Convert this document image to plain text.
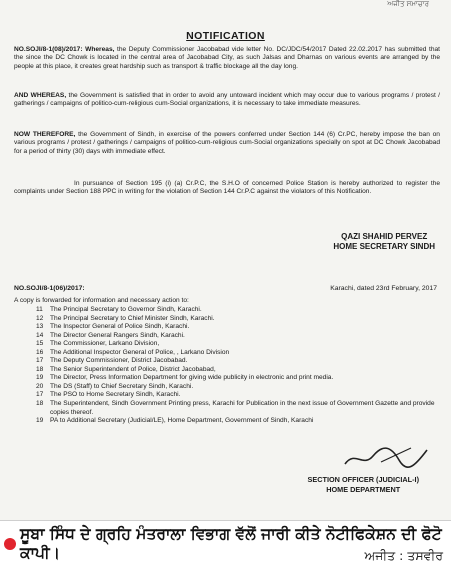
ਅਜੀਤ ਸਮਾਚਾਰ
NOTIFICATION

NO.SOJI/8-1(08)/2017: Whereas, the Deputy Commissioner Jacobabad vide letter No. DC/JDC/54/2017 Dated 22.02.2017 has submitted that the since the DC Chowk is located in the central area of Jacobabad City, as such Jalsas and Dharnas on various events are arranged by the people at this place, it creates great hardship such as transport & traffic blockage all the day long.

AND WHEREAS, the Government is satisfied that in order to avoid any untoward incident which may occur due to various programs / protest / gatherings / campaigns of politico-cum-religious cum-Social organizations, it is necessary to take immediate measures.

NOW THEREFORE, the Government of Sindh, in exercise of the powers conferred under Section 144 (6) Cr.PC, hereby impose the ban on various programs / protest / gatherings / campaigns of politico-cum-religious cum-Social organizations specially on spot at DC Chowk Jacobabad for a period of thirty (30) days with immediate effect.

In pursuance of Section 195 (i) (a) Cr.P.C, the S.H.O of concerned Police Station is hereby authorized to register the complaints under Section 188 PPC in writing for the violation of Section 144 Cr.P.C against the violators of this Notification.

QAZI SHAHID PERVEZ
HOME SECRETARY SINDH
NO.SOJI/8-1(06)/2017:	Karachi, dated 23rd February, 2017
A copy is forwarded for information and necessary action to:
11	The Principal Secretary to Governor Sindh, Karachi.
12	The Principal Secretary to Chief Minister Sindh, Karachi.
13	The Inspector General of Police Sindh, Karachi.
14	The Director General Rangers Sindh, Karachi.
15	The Commissioner, Larkano Division,
16	The Additional Inspector General of Police, , Larkano Division
17	The Deputy Commissioner, District Jacobabad.
18	The Senior Superintendent of Police, District Jacobabad,
19	The Director, Press Information Department for giving wide publicity in electronic and print media.
20	The DS (Staff) to Chief Secretary Sindh, Karachi.
17	The PSO to Home Secretary Sindh, Karachi.
18	The Superintendent, Sindh Government Printing press, Karachi for Publication in the next issue of Government Gazette and provide copies thereof.
19	PA to Additional Secretary (Judicial/LE), Home Department, Government of Sindh, Karachi
SECTION OFFICER (JUDICIAL-I)
HOME DEPARTMENT
ਸੂਬਾ ਸਿੰਧ ਦੇ ਗ੍ਰਹਿ ਮੰਤਰਾਲਾ ਵਿਭਾਗ ਵੱਲੋਂ ਜਾਰੀ ਕੀਤੇ ਨੋਟੀਫਿਕੇਸ਼ਨ ਦੀ ਫੋਟੋ ਕਾਪੀ।	ਅਜੀਤ : ਤਸਵੀਰ
